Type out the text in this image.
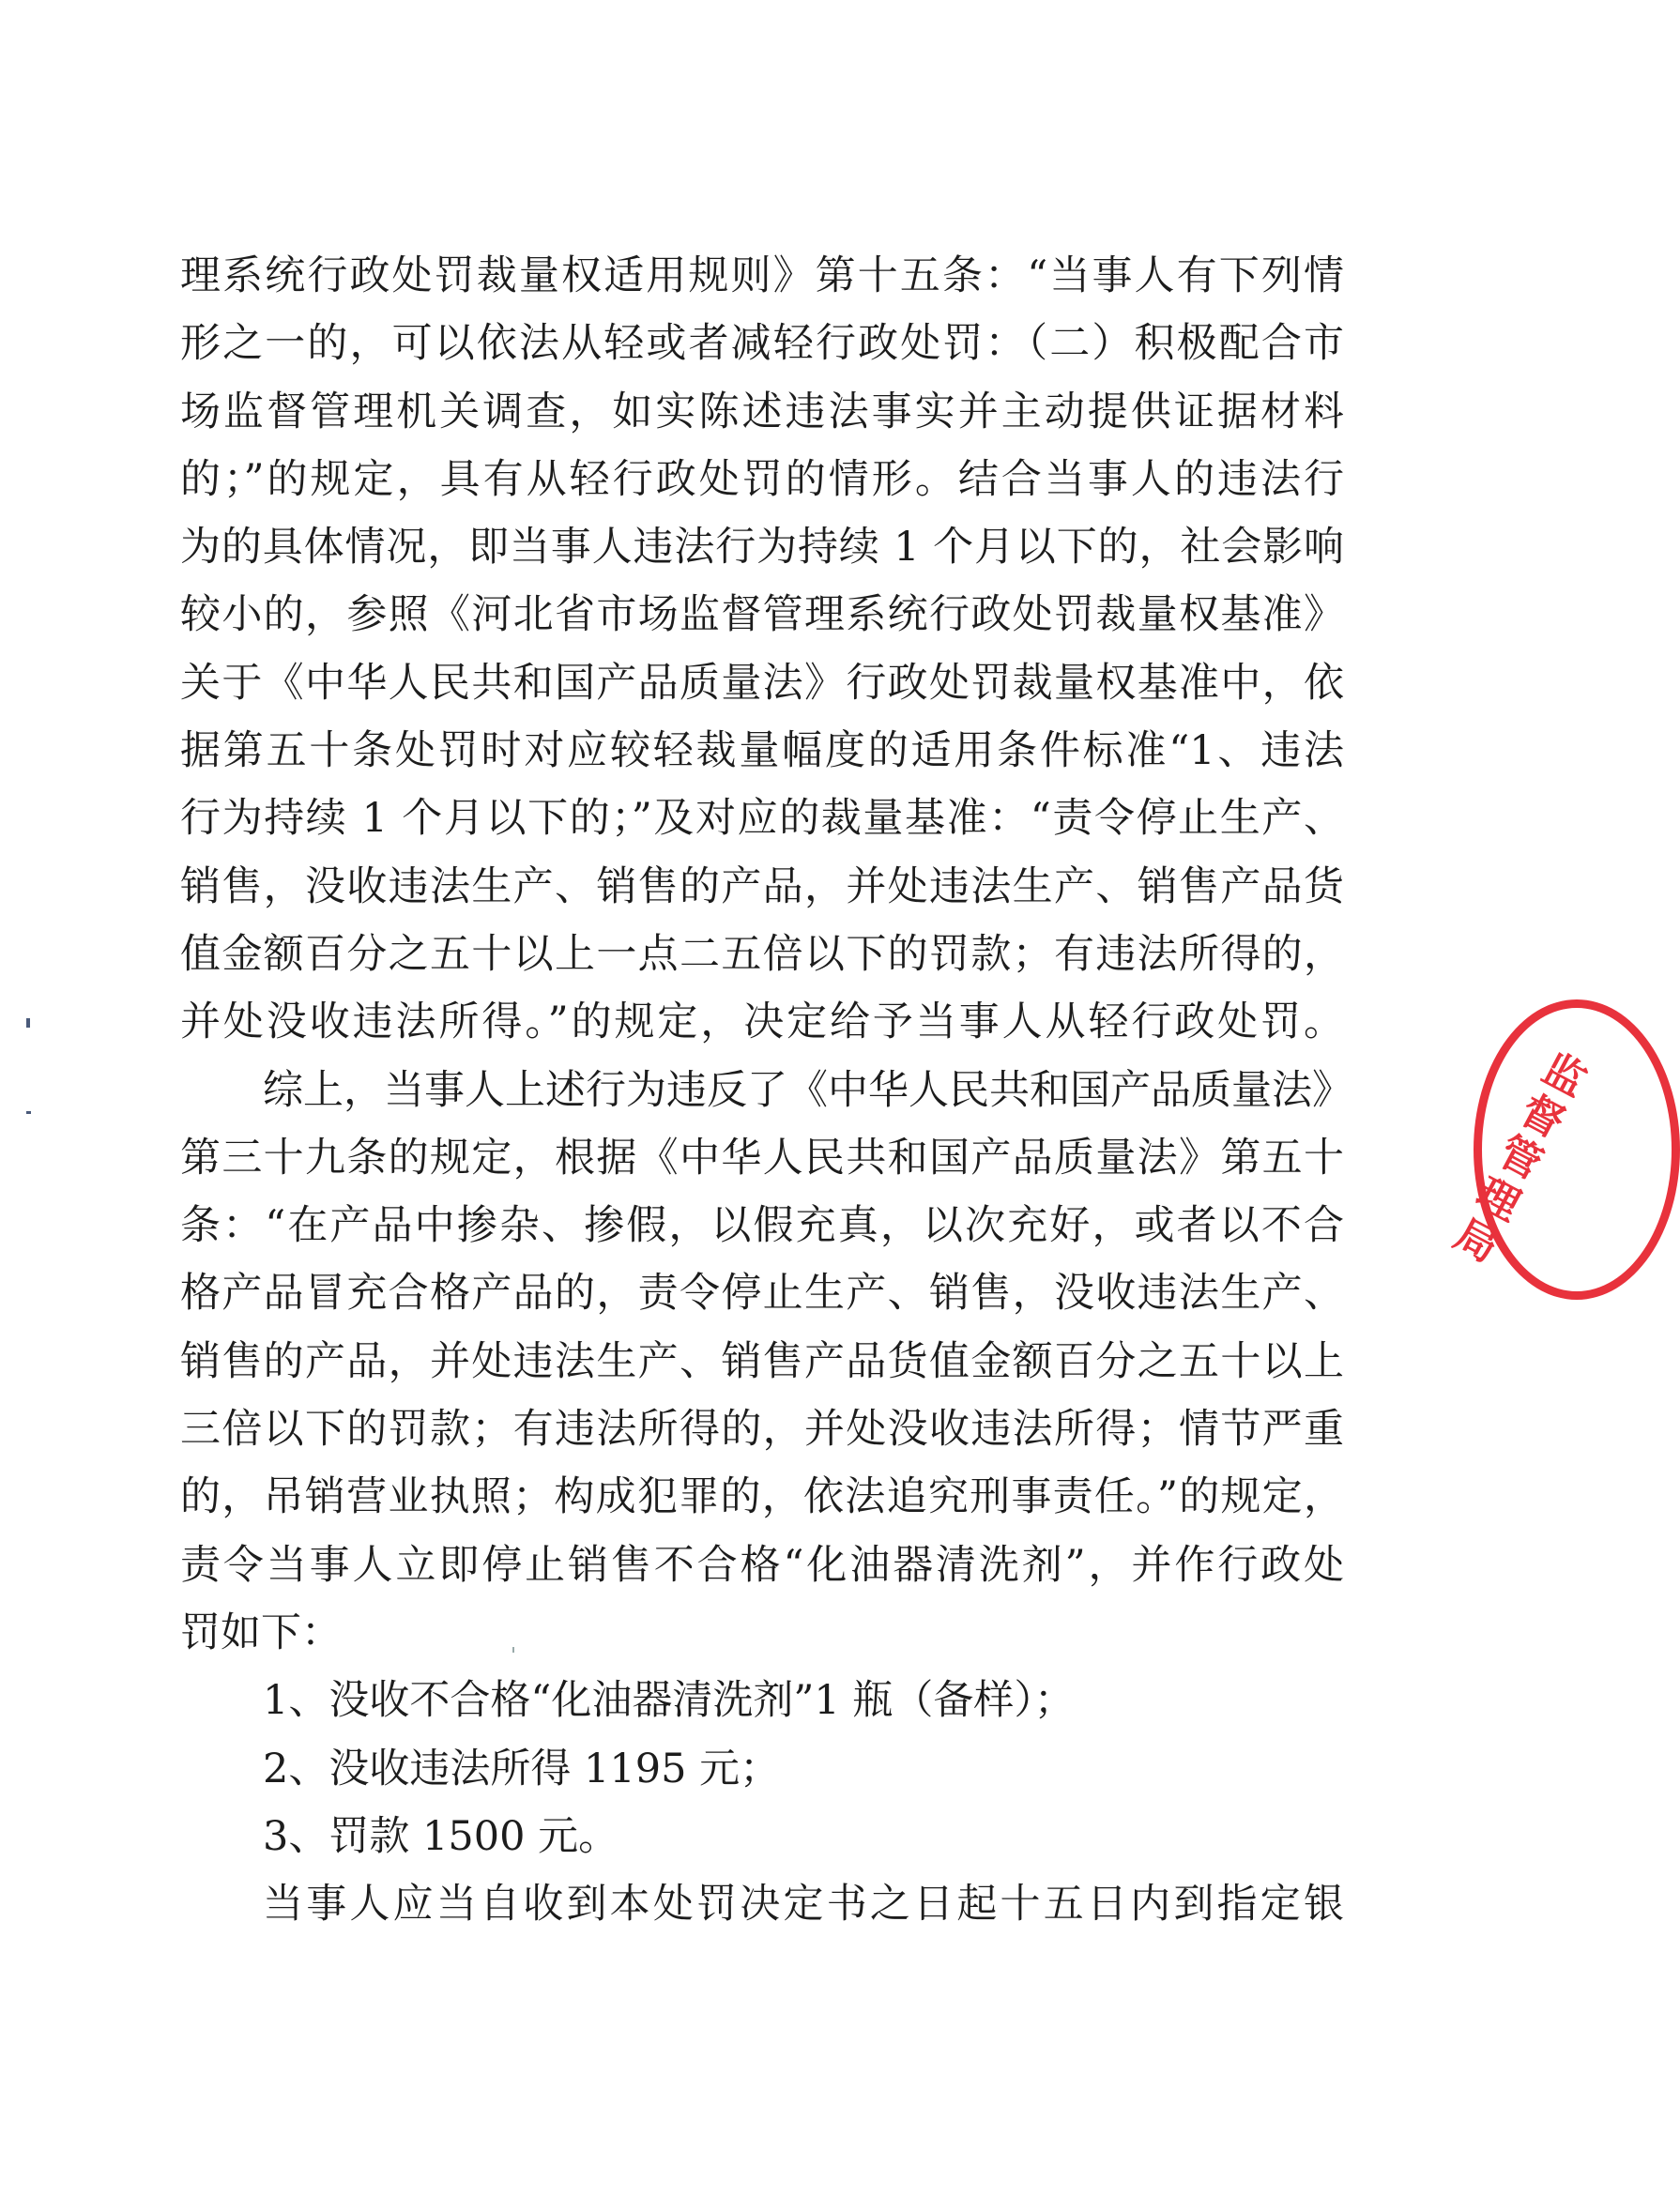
理系统行政处罚裁量权适用规则》第十五条：“当事人有下列情
形之一的，可以依法从轻或者减轻行政处罚：（二）积极配合市
场监督管理机关调查，如实陈述违法事实并主动提供证据材料
的；”的规定，具有从轻行政处罚的情形。结合当事人的违法行
为的具体情况，即当事人违法行为持续 1 个月以下的，社会影响
较小的，参照《河北省市场监督管理系统行政处罚裁量权基准》
关于《中华人民共和国产品质量法》行政处罚裁量权基准中，依
据第五十条处罚时对应较轻裁量幅度的适用条件标准“1、违法
行为持续 1 个月以下的；”及对应的裁量基准：“责令停止生产、
销售，没收违法生产、销售的产品，并处违法生产、销售产品货
值金额百分之五十以上一点二五倍以下的罚款；有违法所得的，
并处没收违法所得。”的规定，决定给予当事人从轻行政处罚。
综上，当事人上述行为违反了《中华人民共和国产品质量法》
第三十九条的规定，根据《中华人民共和国产品质量法》第五十
条：“在产品中掺杂、掺假，以假充真，以次充好，或者以不合
格产品冒充合格产品的，责令停止生产、销售，没收违法生产、
销售的产品，并处违法生产、销售产品货值金额百分之五十以上
三倍以下的罚款；有违法所得的，并处没收违法所得；情节严重
的，吊销营业执照；构成犯罪的，依法追究刑事责任。”的规定，
责令当事人立即停止销售不合格“化油器清洗剂”，并作行政处
罚如下：
1、没收不合格“化油器清洗剂”1 瓶（备样）；
2、没收违法所得 1195 元；
3、罚款 1500 元。
当事人应当自收到本处罚决定书之日起十五日内到指定银
监督管理局
